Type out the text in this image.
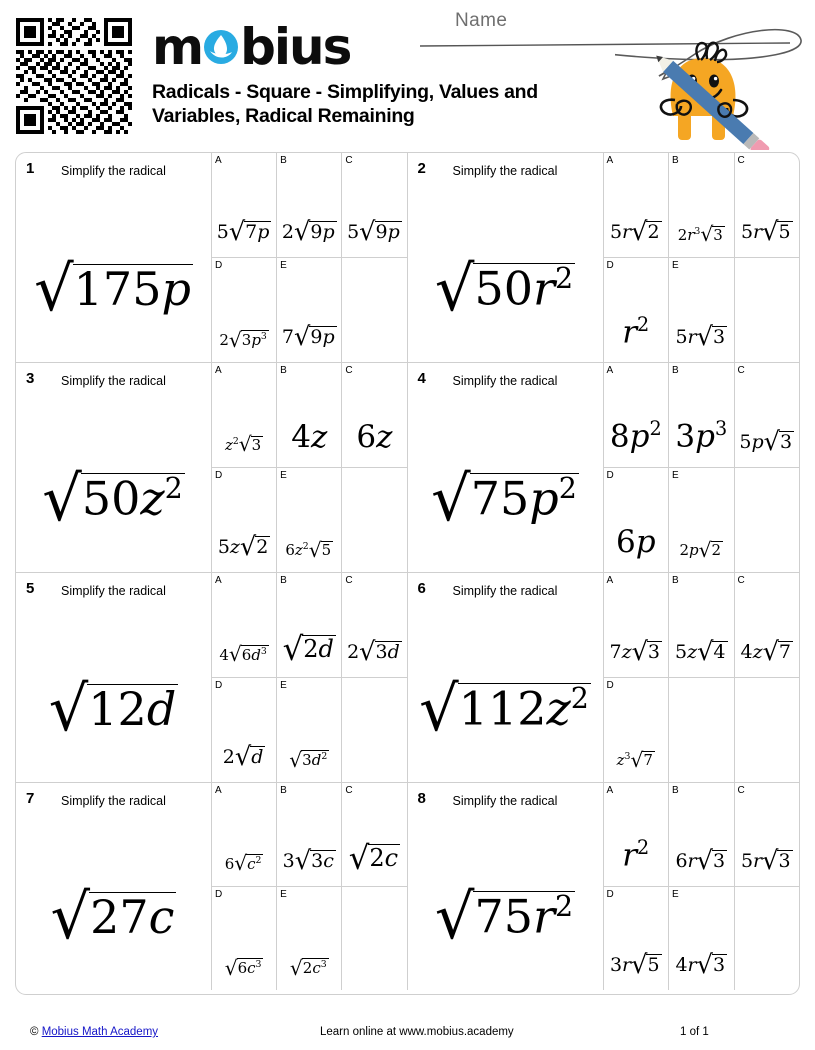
m bius
Radicals - Square - Simplifying, Values and Variables, Radical Remaining
Name
1 Simplify the radical
√175p
A
5√7p
B
2√9p
C
5√9p
D
$2√3p^3$
E
7√9p
2 Simplify the radical
$√50r^2$
A
5r√2
B
$2r^3√3$
C
5r√5
D
$r^2$
E
5r√3
3 Simplify the radical
$√50z^2$
A
$z^2√3$
B
4z
C
6z
D
5z√2
E
$6z^2√5$
4 Simplify the radical
$√75p^2$
A
$8p^2$
B
$3p^3$
C
5p√3
D
6p
E
2p√2
5 Simplify the radical
√12d
A
$4√6d^3$
B
√2d
C
2√3d
D
2√d
E
$√3d^2$
6 Simplify the radical
$√112z^2$
A
7z√3
B
5z√4
C
4z√7
D
$z^3√7$
7 Simplify the radical
√27c
A
$6√c^2$
B
3√3c
C
√2c
D
$√6c^3$
E
$√2c^3$
8 Simplify the radical
$√75r^2$
A
$r^2$
B
6r√3
C
5r√3
D
3r√5
E
4r√3
© Mobius Math Academy	Learn online at www.mobius.academy	1 of 1
